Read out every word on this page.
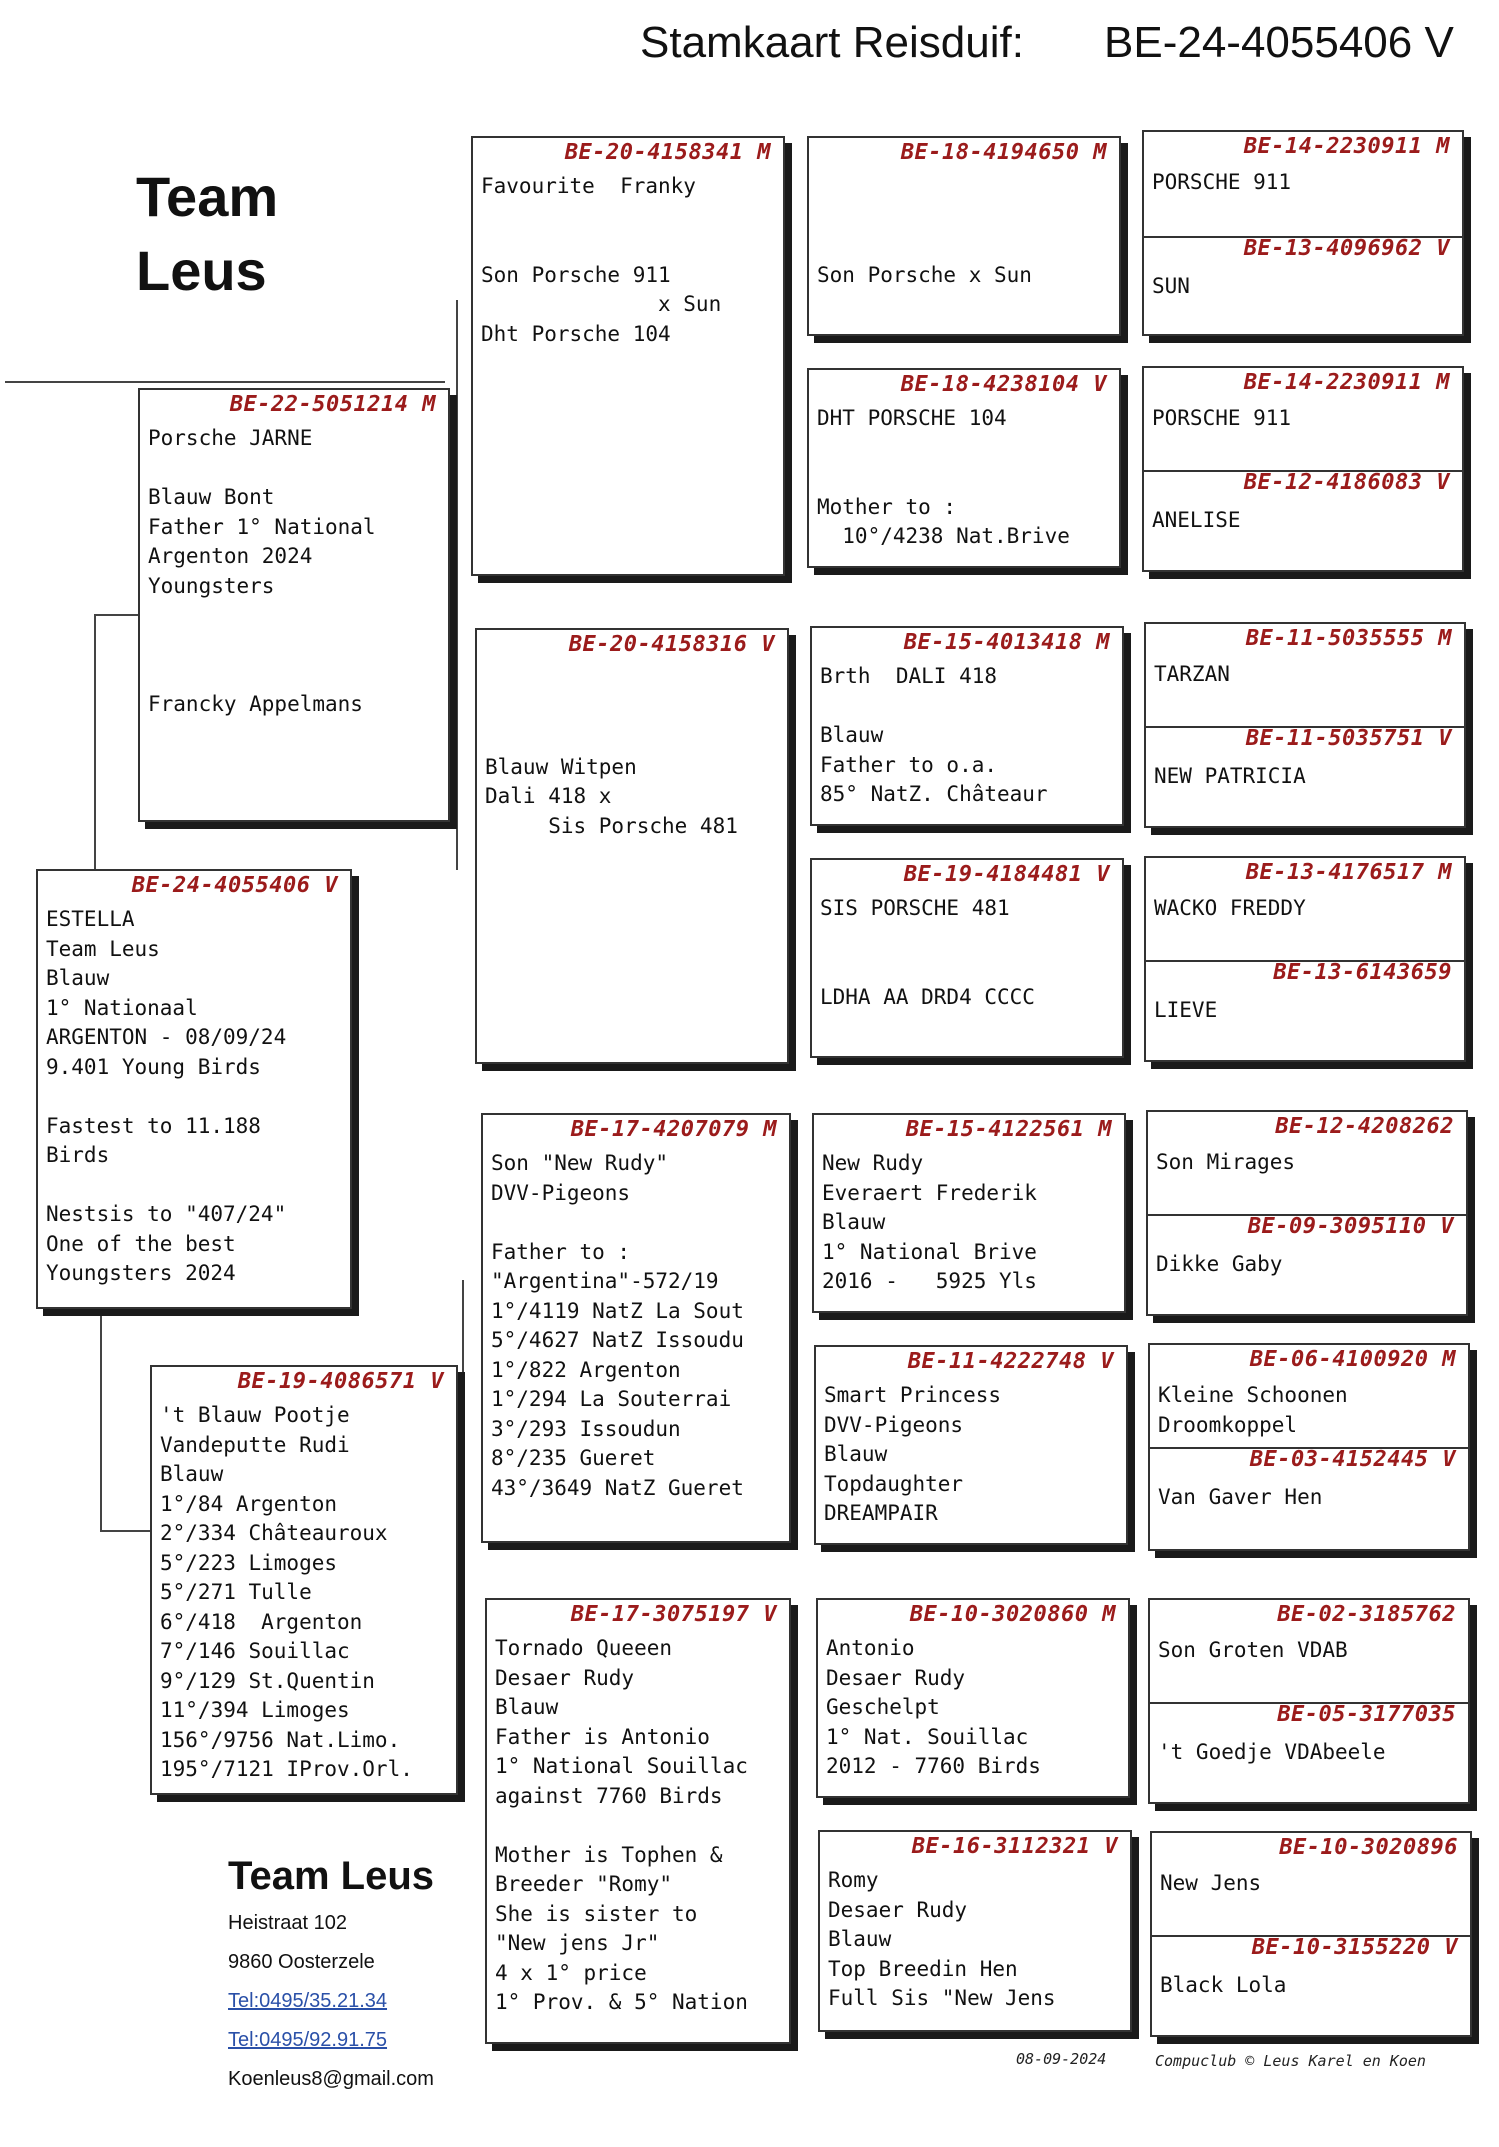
Stamkaart Reisduif: BE-24-4055406 V
Team
Leus
BE-24-4055406 V
ESTELLA
Team Leus
Blauw
1° Nationaal
ARGENTON - 08/09/24
9.401 Young Birds

Fastest to 11.188
Birds

Nestsis to "407/24"
One of the best
Youngsters 2024
BE-22-5051214 M
Porsche JARNE

Blauw Bont
Father 1° National
Argenton 2024
Youngsters

Francky Appelmans
BE-19-4086571 V
't Blauw Pootje
Vandeputte Rudi
Blauw
1°/84 Argenton
2°/334 Châteauroux
5°/223 Limoges
5°/271 Tulle
6°/418  Argenton
7°/146 Souillac
9°/129 St.Quentin
11°/394 Limoges
156°/9756 Nat.Limo.
195°/7121 IProv.Orl.
BE-20-4158341 M
Favourite  Franky

Son Porsche 911
x Sun
Dht Porsche 104
BE-20-4158316 V

Blauw Witpen
Dali 418 x
Sis Porsche 481
BE-17-4207079 M
Son "New Rudy"
DVV-Pigeons

Father to :
"Argentina"-572/19
1°/4119 NatZ La Sout
5°/4627 NatZ Issoudu
1°/822 Argenton
1°/294 La Souterrai
3°/293 Issoudun
8°/235 Gueret
43°/3649 NatZ Gueret
BE-17-3075197 V
Tornado Queeen
Desaer Rudy
Blauw
Father is Antonio
1° National Souillac
against 7760 Birds

Mother is Tophen &
Breeder "Romy"
She is sister to
"New jens Jr"
4 x 1° price
1° Prov. & 5° Nation
BE-18-4194650 M

Son Porsche x Sun
BE-18-4238104 V
DHT PORSCHE 104

Mother to :
10°/4238 Nat.Brive
BE-15-4013418 M
Brth  DALI 418

Blauw
Father to o.a.
85° NatZ. Châteaur
BE-19-4184481 V
SIS PORSCHE 481

LDHA AA DRD4 CCCC
BE-15-4122561 M
New Rudy
Everaert Frederik
Blauw
1° National Brive
2016 -   5925 Yls
BE-11-4222748 V
Smart Princess
DVV-Pigeons
Blauw
Topdaughter
DREAMPAIR
BE-10-3020860 M
Antonio
Desaer Rudy
Geschelpt
1° Nat. Souillac
2012 - 7760 Birds
BE-16-3112321 V
Romy
Desaer Rudy
Blauw
Top Breedin Hen
Full Sis "New Jens
BE-14-2230911 M
PORSCHE 911
BE-13-4096962 V
SUN
BE-14-2230911 M
PORSCHE 911
BE-12-4186083 V
ANELISE
BE-11-5035555 M
TARZAN
BE-11-5035751 V
NEW PATRICIA
BE-13-4176517 M
WACKO FREDDY
BE-13-6143659
LIEVE
BE-12-4208262
Son Mirages
BE-09-3095110 V
Dikke Gaby
BE-06-4100920 M
Kleine Schoonen
Droomkoppel
BE-03-4152445 V
Van Gaver Hen
BE-02-3185762
Son Groten VDAB
BE-05-3177035
't Goedje VDAbeele
BE-10-3020896
New Jens
BE-10-3155220 V
Black Lola
Team Leus
Heistraat 102
9860 Oosterzele
Tel:0495/35.21.34
Tel:0495/92.91.75
Koenleus8@gmail.com
08-09-2024	Compuclub © Leus Karel en Koen
